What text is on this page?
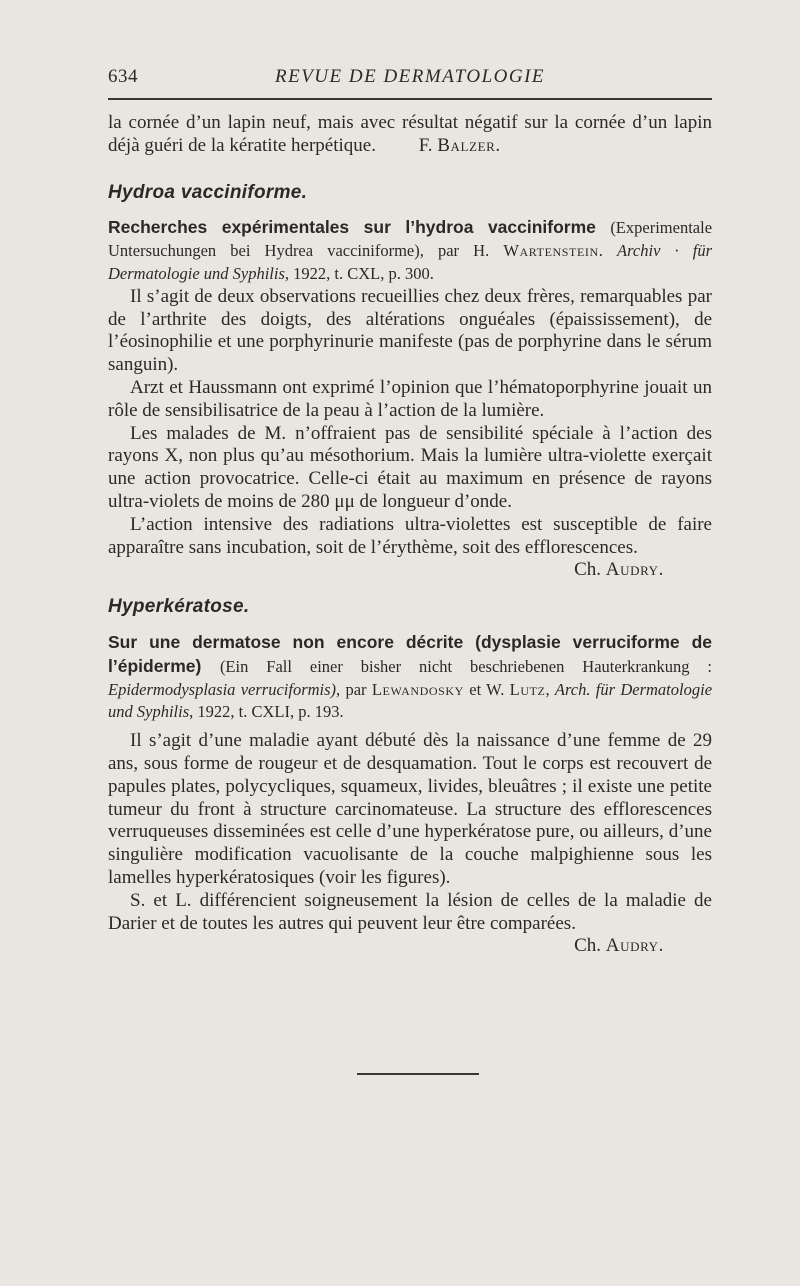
634	REVUE DE DERMATOLOGIE

la cornée d’un lapin neuf, mais avec résultat négatif sur la cornée d’un lapin déjà guéri de la kératite herpétique. F. Balzer.

Hydroa vacciniforme.

Recherches expérimentales sur l’hydroa vacciniforme (Experimentale Untersuchungen bei Hydrea vacciniforme), par H. Wartenstein. Archiv · für Dermatologie und Syphilis, 1922, t. CXL, p. 300.

Il s’agit de deux observations recueillies chez deux frères, remarquables par de l’arthrite des doigts, des altérations onguéales (épaississement), de l’éosinophilie et une porphyrinurie manifeste (pas de porphyrine dans le sérum sanguin).

Arzt et Haussmann ont exprimé l’opinion que l’hématoporphyrine jouait un rôle de sensibilisatrice de la peau à l’action de la lumière.

Les malades de M. n’offraient pas de sensibilité spéciale à l’action des rayons X, non plus qu’au mésothorium. Mais la lumière ultra-violette exerçait une action provocatrice. Celle-ci était au maximum en présence de rayons ultra-violets de moins de 280 μμ de longueur d’onde.

L’action intensive des radiations ultra-violettes est susceptible de faire apparaître sans incubation, soit de l’érythème, soit des efflorescences.

Ch. Audry.

Hyperkératose.

Sur une dermatose non encore décrite (dysplasie verruciforme de l’épiderme) (Ein Fall einer bisher nicht beschriebenen Hauterkrankung : Epidermodysplasia verruciformis), par Lewandosky et W. Lutz, Arch. für Dermatologie und Syphilis, 1922, t. CXLI, p. 193.

Il s’agit d’une maladie ayant débuté dès la naissance d’une femme de 29 ans, sous forme de rougeur et de desquamation. Tout le corps est recouvert de papules plates, polycycliques, squameux, livides, bleuâtres ; il existe une petite tumeur du front à structure carcinomateuse. La structure des efflorescences verruqueuses disseminées est celle d’une hyperkératose pure, ou ailleurs, d’une singulière modification vacuolisante de la couche malpighienne sous les lamelles hyperkératosiques (voir les figures).

S. et L. différencient soigneusement la lésion de celles de la maladie de Darier et de toutes les autres qui peuvent leur être comparées.

Ch. Audry.
